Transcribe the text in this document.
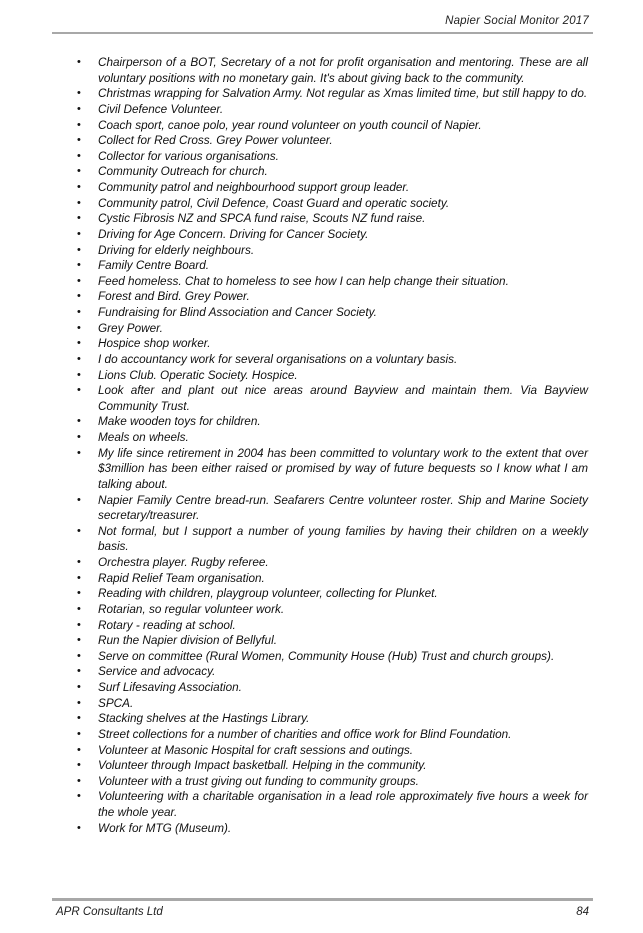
Napier Social Monitor 2017
• Chairperson of a BOT, Secretary of a not for profit organisation and mentoring. These are all voluntary positions with no monetary gain. It's about giving back to the community.
• Christmas wrapping for Salvation Army. Not regular as Xmas limited time, but still happy to do.
• Civil Defence Volunteer.
• Coach sport, canoe polo, year round volunteer on youth council of Napier.
• Collect for Red Cross. Grey Power volunteer.
• Collector for various organisations.
• Community Outreach for church.
• Community patrol and neighbourhood support group leader.
• Community patrol, Civil Defence, Coast Guard and operatic society.
• Cystic Fibrosis NZ and SPCA fund raise, Scouts NZ fund raise.
• Driving for Age Concern. Driving for Cancer Society.
• Driving for elderly neighbours.
• Family Centre Board.
• Feed homeless. Chat to homeless to see how I can help change their situation.
• Forest and Bird. Grey Power.
• Fundraising for Blind Association and Cancer Society.
• Grey Power.
• Hospice shop worker.
• I do accountancy work for several organisations on a voluntary basis.
• Lions Club. Operatic Society. Hospice.
• Look after and plant out nice areas around Bayview and maintain them. Via Bayview Community Trust.
• Make wooden toys for children.
• Meals on wheels.
• My life since retirement in 2004 has been committed to voluntary work to the extent that over $3million has been either raised or promised by way of future bequests so I know what I am talking about.
• Napier Family Centre bread-run. Seafarers Centre volunteer roster. Ship and Marine Society secretary/treasurer.
• Not formal, but I support a number of young families by having their children on a weekly basis.
• Orchestra player. Rugby referee.
• Rapid Relief Team organisation.
• Reading with children, playgroup volunteer, collecting for Plunket.
• Rotarian, so regular volunteer work.
• Rotary - reading at school.
• Run the Napier division of Bellyful.
• Serve on committee (Rural Women, Community House (Hub) Trust and church groups).
• Service and advocacy.
• Surf Lifesaving Association.
• SPCA.
• Stacking shelves at the Hastings Library.
• Street collections for a number of charities and office work for Blind Foundation.
• Volunteer at Masonic Hospital for craft sessions and outings.
• Volunteer through Impact basketball. Helping in the community.
• Volunteer with a trust giving out funding to community groups.
• Volunteering with a charitable organisation in a lead role approximately five hours a week for the whole year.
• Work for MTG (Museum).
APR Consultants Ltd	84
